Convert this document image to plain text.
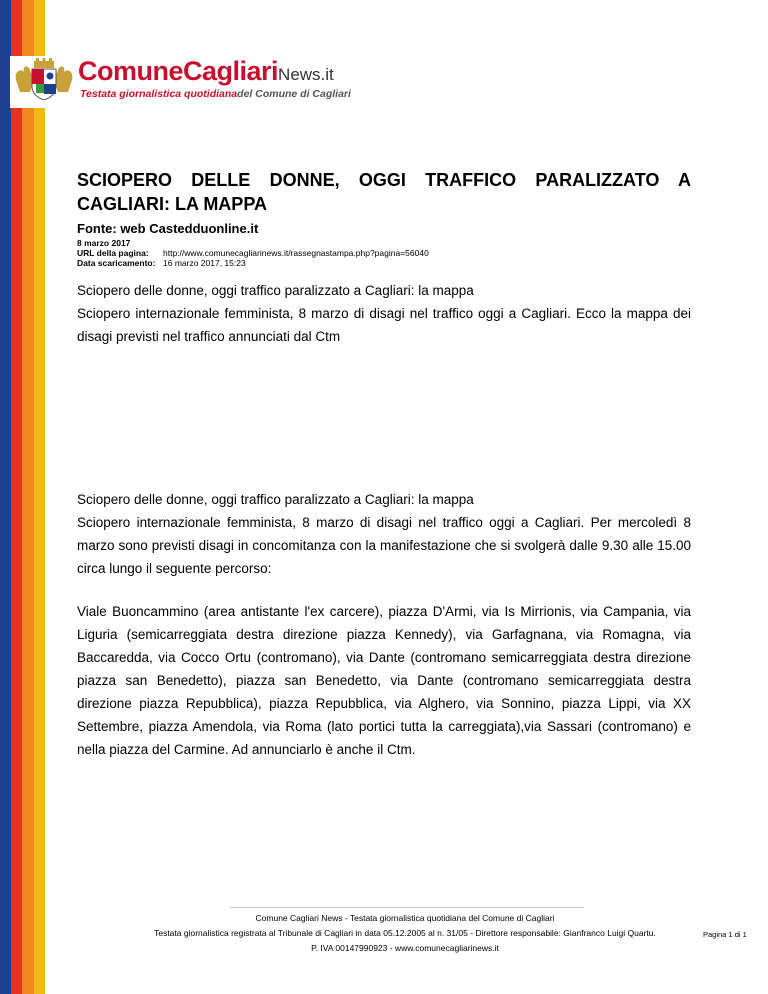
ComuneCagliariNews.it
Testata giornalistica quotidianadel Comune di Cagliari
SCIOPERO DELLE DONNE, OGGI TRAFFICO PARALIZZATO A CAGLIARI: LA MAPPA
Fonte: web Castedduonline.it
8 marzo 2017
URL della pagina:	http://www.comunecagliarinews.it/rassegnastampa.php?pagina=56040
Data scaricamento: 16 marzo 2017, 15:23
Sciopero delle donne, oggi traffico paralizzato a Cagliari: la mappa
Sciopero internazionale femminista, 8 marzo di disagi nel traffico oggi a Cagliari. Ecco la mappa dei disagi previsti nel traffico annunciati dal Ctm
Sciopero delle donne, oggi traffico paralizzato a Cagliari: la mappa
Sciopero internazionale femminista, 8 marzo di disagi nel traffico oggi a Cagliari. Per mercoledì 8 marzo sono previsti disagi in concomitanza con la manifestazione che si svolgerà dalle 9.30 alle 15.00 circa lungo il seguente percorso:
Viale Buoncammino (area antistante l'ex carcere), piazza D'Armi, via Is Mirrionis, via Campania, via Liguria (semicarreggiata destra direzione piazza Kennedy), via Garfagnana, via Romagna, via Baccaredda, via Cocco Ortu (contromano), via Dante (contromano semicarreggiata destra direzione piazza san Benedetto), piazza san Benedetto, via Dante (contromano semicarreggiata destra direzione piazza Repubblica), piazza Repubblica, via Alghero, via Sonnino, piazza Lippi, via XX Settembre, piazza Amendola, via Roma (lato portici tutta la carreggiata),via Sassari (contromano) e nella piazza del Carmine. Ad annunciarlo è anche il Ctm.
Comune Cagliari News - Testata giornalistica quotidiana del Comune di Cagliari
Testata giornalistica registrata al Tribunale di Cagliari in data 05.12.2005 al n. 31/05 - Direttore responsabile: Gianfranco Luigi Quartu.
P. IVA 00147990923 - www.comunecagliarinews.it
Pagina 1 di 1
